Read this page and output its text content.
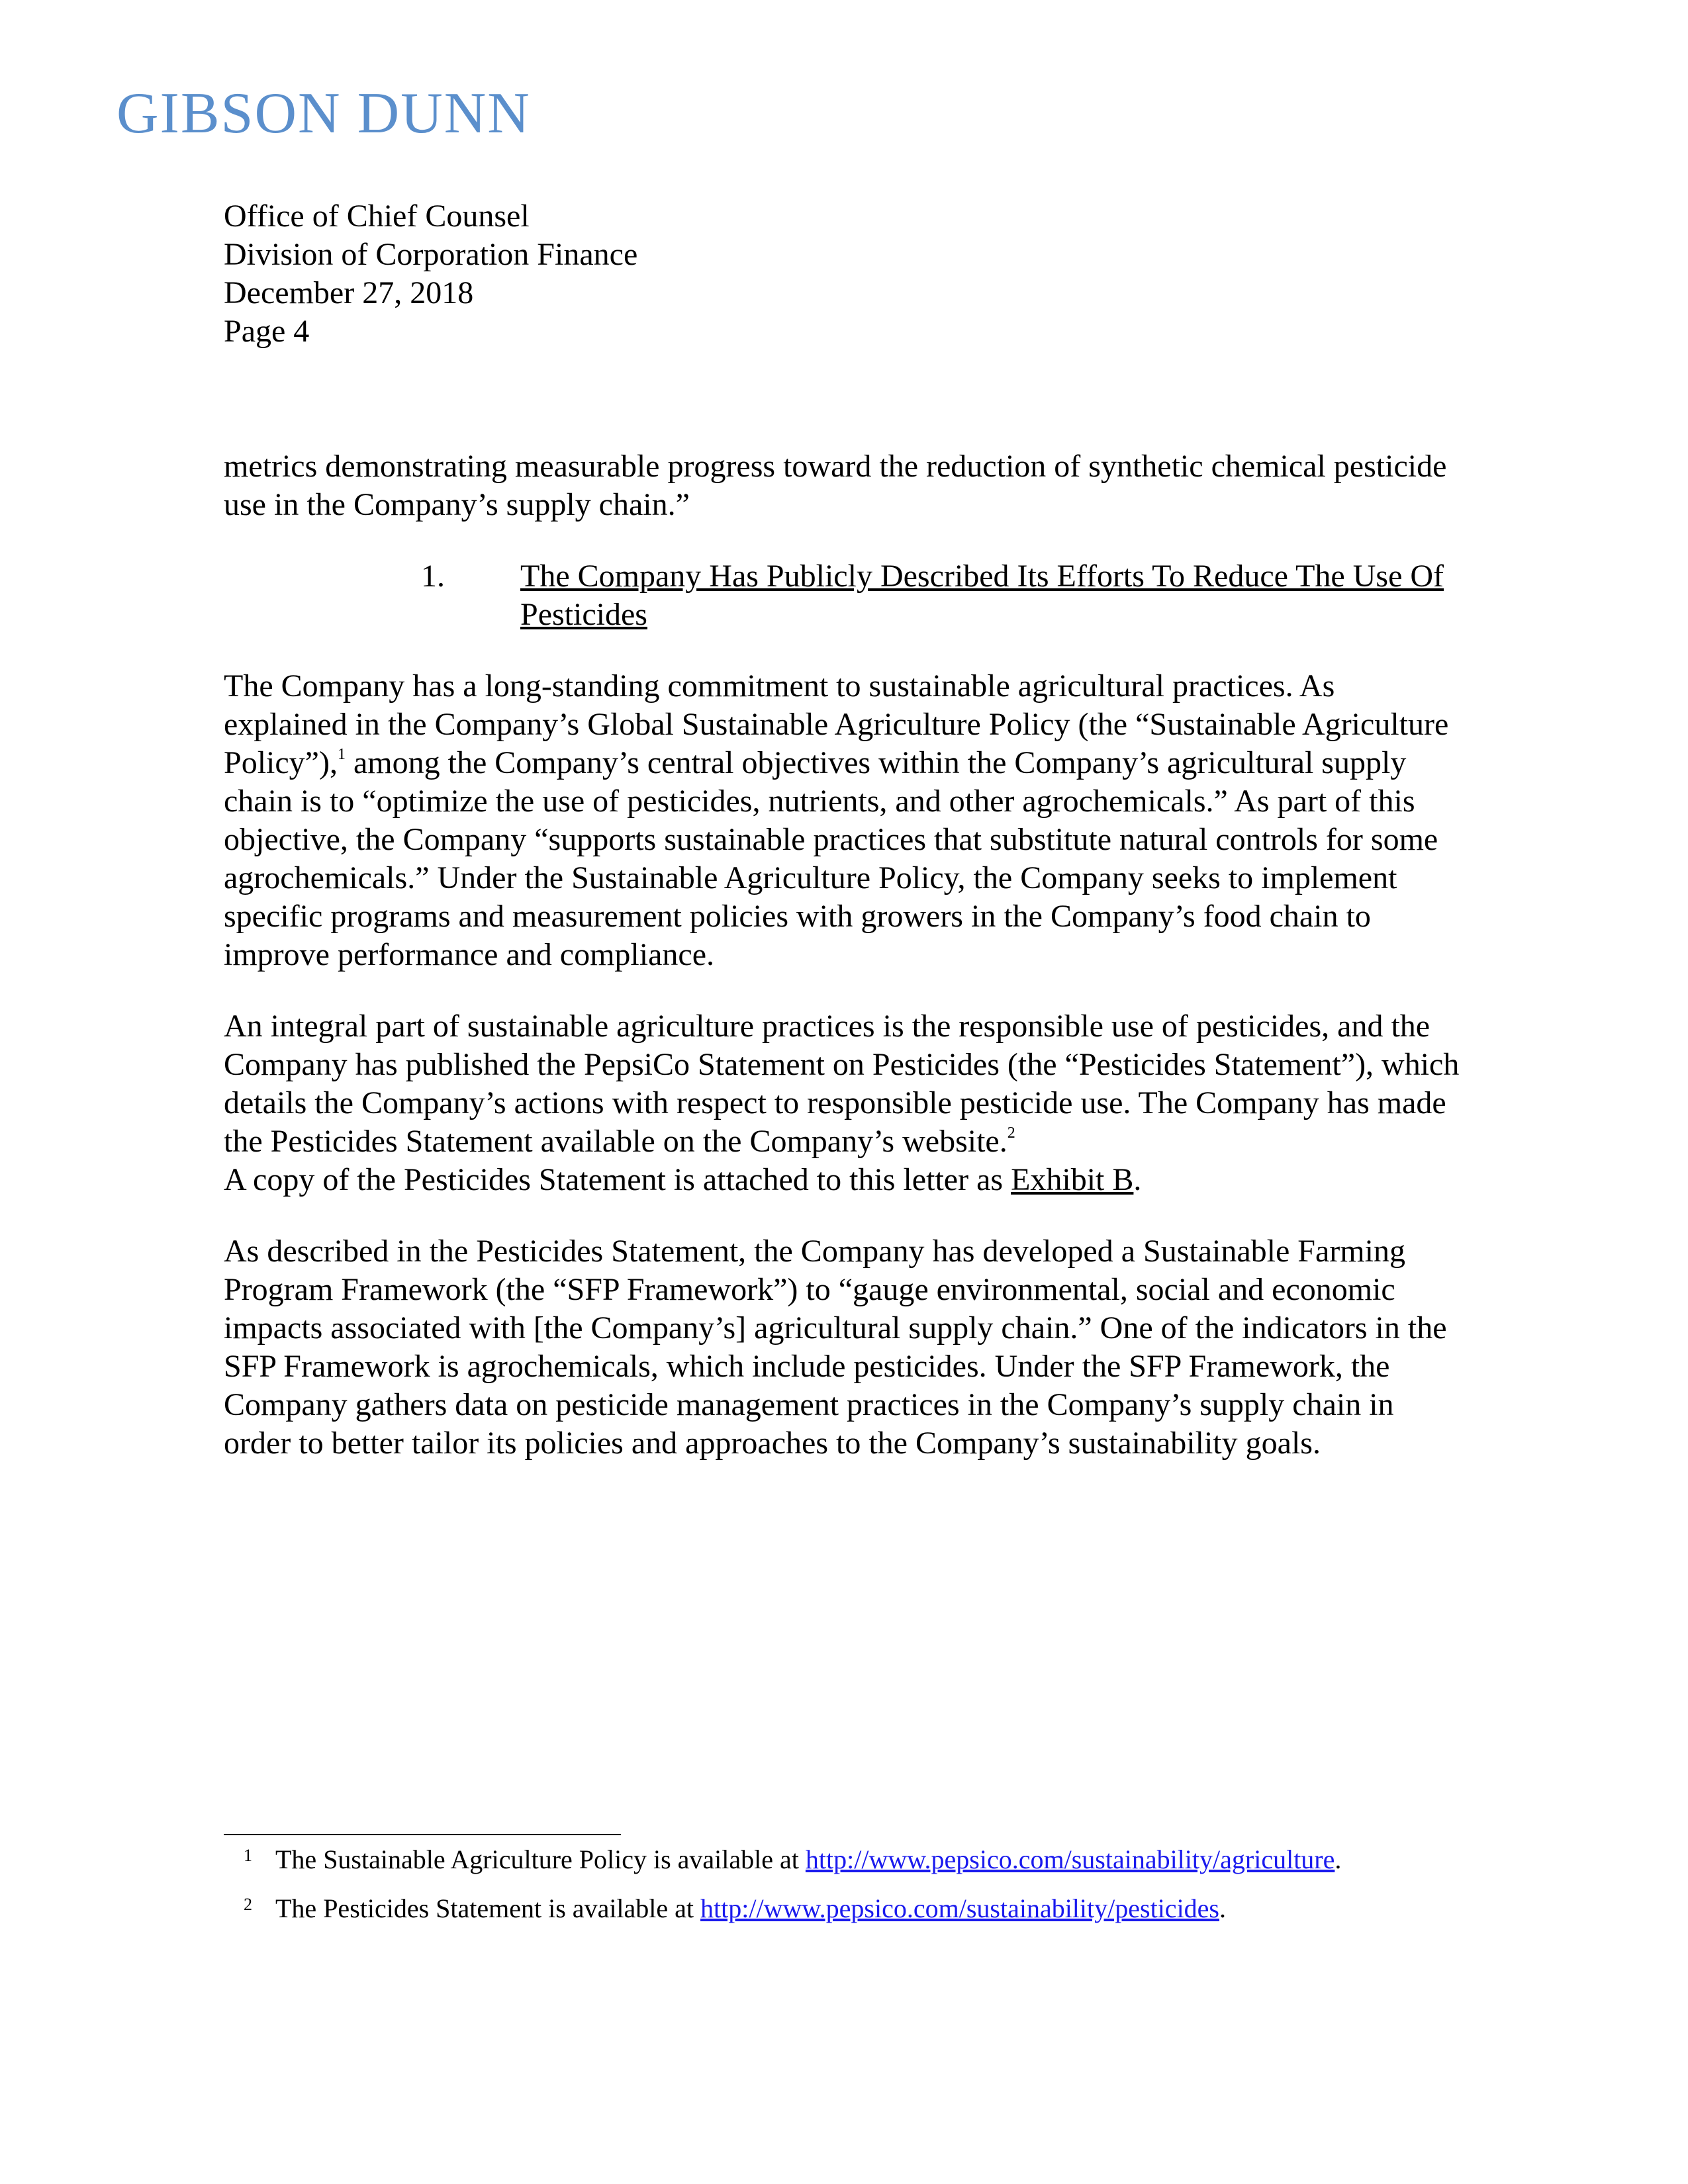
GIBSON DUNN
Office of Chief Counsel
Division of Corporation Finance
December 27, 2018
Page 4

metrics demonstrating measurable progress toward the reduction of synthetic chemical pesticide use in the Company’s supply chain.”

1. The Company Has Publicly Described Its Efforts To Reduce The Use Of Pesticides

The Company has a long-standing commitment to sustainable agricultural practices. As explained in the Company’s Global Sustainable Agriculture Policy (the “Sustainable Agriculture Policy”),$^1$ among the Company’s central objectives within the Company’s agricultural supply chain is to “optimize the use of pesticides, nutrients, and other agrochemicals.” As part of this objective, the Company “supports sustainable practices that substitute natural controls for some agrochemicals.” Under the Sustainable Agriculture Policy, the Company seeks to implement specific programs and measurement policies with growers in the Company’s food chain to improve performance and compliance.

An integral part of sustainable agriculture practices is the responsible use of pesticides, and the Company has published the PepsiCo Statement on Pesticides (the “Pesticides Statement”), which details the Company’s actions with respect to responsible pesticide use. The Company has made the Pesticides Statement available on the Company’s website.$^2$
A copy of the Pesticides Statement is attached to this letter as Exhibit B.

As described in the Pesticides Statement, the Company has developed a Sustainable Farming Program Framework (the “SFP Framework”) to “gauge environmental, social and economic impacts associated with [the Company’s] agricultural supply chain.” One of the indicators in the SFP Framework is agrochemicals, which include pesticides. Under the SFP Framework, the Company gathers data on pesticide management practices in the Company’s supply chain in order to better tailor its policies and approaches to the Company’s sustainability goals.

1 The Sustainable Agriculture Policy is available at http://www.pepsico.com/sustainability/agriculture.
2 The Pesticides Statement is available at http://www.pepsico.com/sustainability/pesticides.
